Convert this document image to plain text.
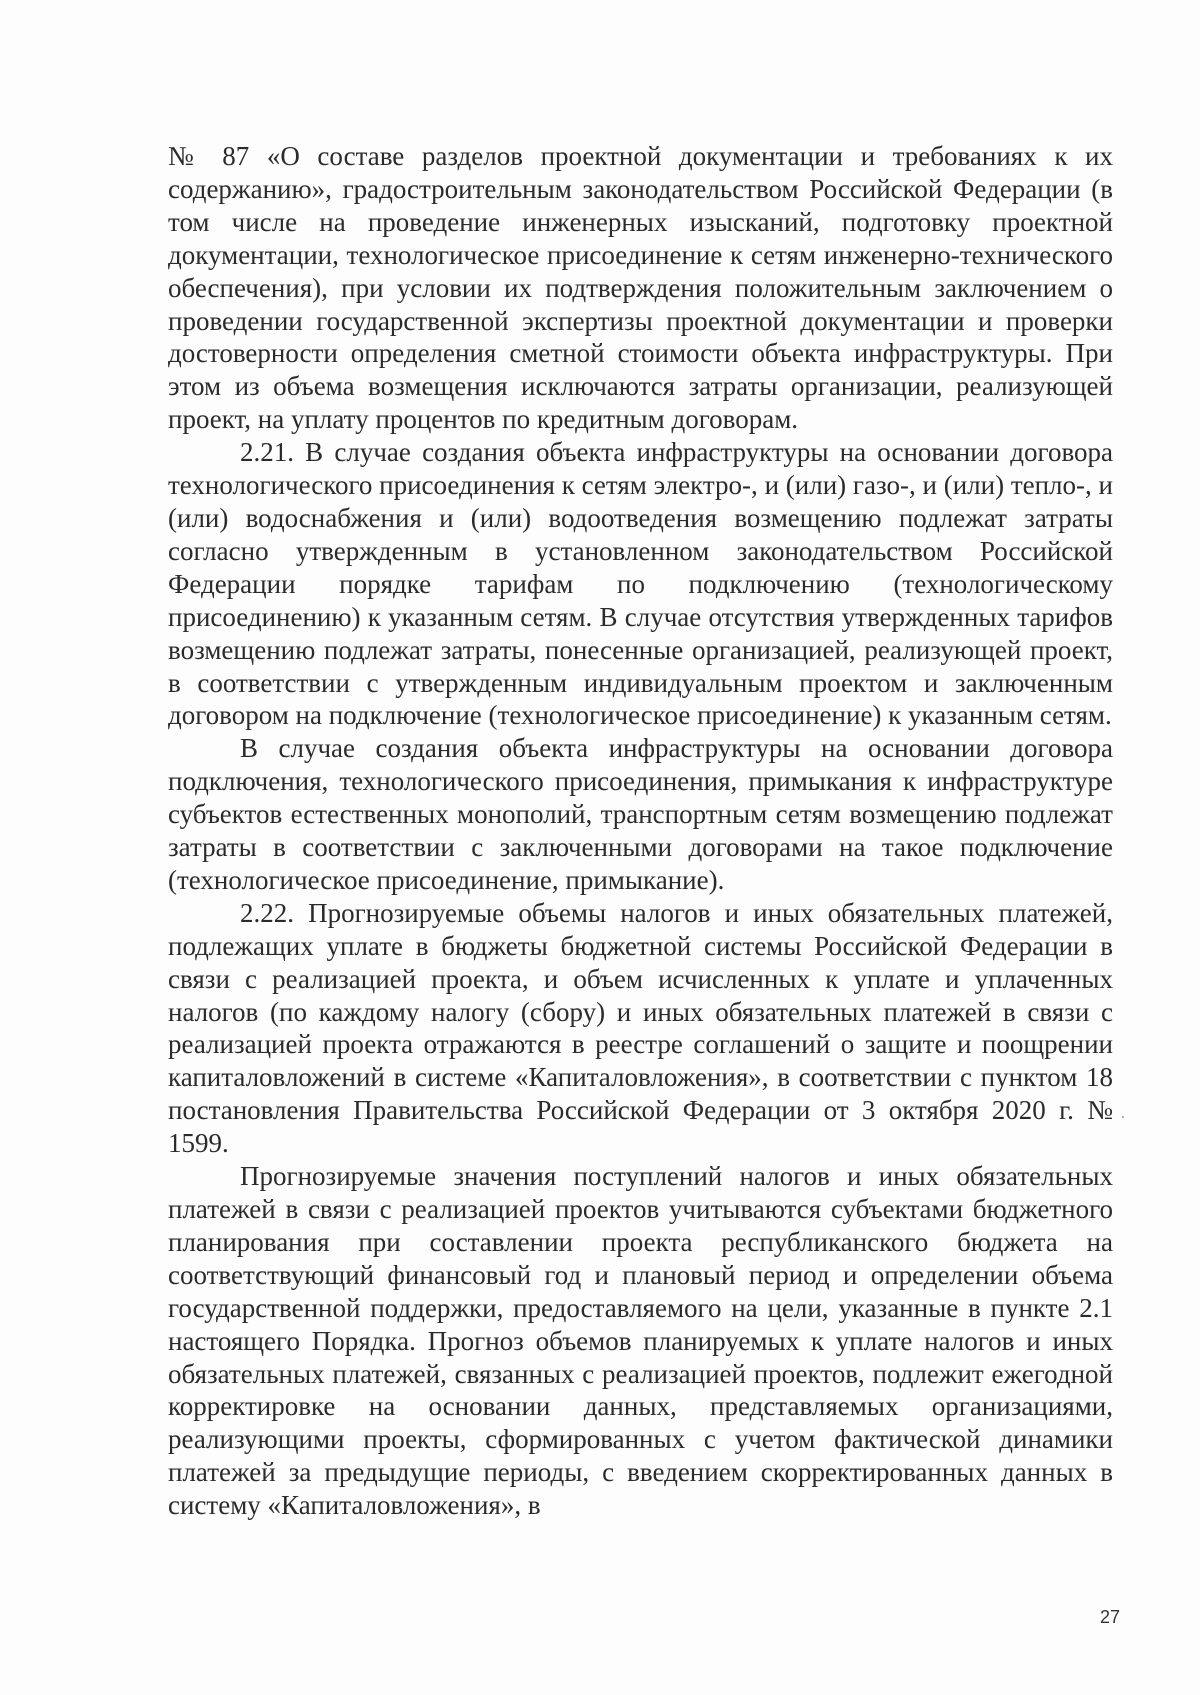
№ 87 «О составе разделов проектной документации и требованиях к их содержанию», градостроительным законодательством Российской Федерации (в том числе на проведение инженерных изысканий, подготовку проектной документации, технологическое присоединение к сетям инженерно-технического обеспечения), при условии их подтверждения положительным заключением о проведении государственной экспертизы проектной документации и проверки достоверности определения сметной стоимости объекта инфраструктуры. При этом из объема возмещения исключаются затраты организации, реализующей проект, на уплату процентов по кредитным договорам.

2.21. В случае создания объекта инфраструктуры на основании договора технологического присоединения к сетям электро-, и (или) газо-, и (или) тепло-, и (или) водоснабжения и (или) водоотведения возмещению подлежат затраты согласно утвержденным в установленном законодательством Российской Федерации порядке тарифам по подключению (технологическому присоединению) к указанным сетям. В случае отсутствия утвержденных тарифов возмещению подлежат затраты, понесенные организацией, реализующей проект, в соответствии с утвержденным индивидуальным проектом и заключенным договором на подключение (технологическое присоединение) к указанным сетям.

В случае создания объекта инфраструктуры на основании договора подключения, технологического присоединения, примыкания к инфраструктуре субъектов естественных монополий, транспортным сетям возмещению подлежат затраты в соответствии с заключенными договорами на такое подключение (технологическое присоединение, примыкание).

2.22. Прогнозируемые объемы налогов и иных обязательных платежей, подлежащих уплате в бюджеты бюджетной системы Российской Федерации в связи с реализацией проекта, и объем исчисленных к уплате и уплаченных налогов (по каждому налогу (сбору) и иных обязательных платежей в связи с реализацией проекта отражаются в реестре соглашений о защите и поощрении капиталовложений в системе «Капиталовложения», в соответствии с пунктом 18 постановления Правительства Российской Федерации от 3 октября 2020 г. № 1599.

Прогнозируемые значения поступлений налогов и иных обязательных платежей в связи с реализацией проектов учитываются субъектами бюджетного планирования при составлении проекта республиканского бюджета на соответствующий финансовый год и плановый период и определении объема государственной поддержки, предоставляемого на цели, указанные в пункте 2.1 настоящего Порядка. Прогноз объемов планируемых к уплате налогов и иных обязательных платежей, связанных с реализацией проектов, подлежит ежегодной корректировке на основании данных, представляемых организациями, реализующими проекты, сформированных с учетом фактической динамики платежей за предыдущие периоды, с введением скорректированных данных в систему «Капиталовложения», в

27
